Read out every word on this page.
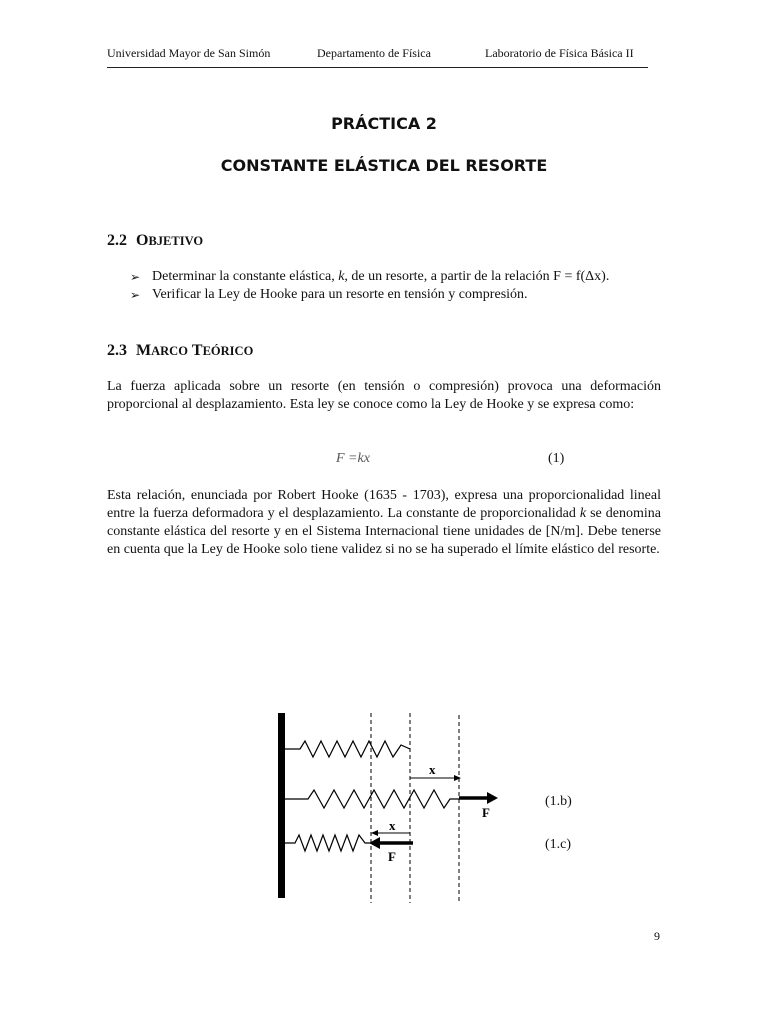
Universidad Mayor de San Simón	Departamento de Física	Laboratorio de Física Básica II
PRÁCTICA 2
CONSTANTE ELÁSTICA DEL RESORTE
2.2 OBJETIVO
➢ Determinar la constante elástica, k, de un resorte, a partir de la relación F = f(Δx).
➢ Verificar la Ley de Hooke para un resorte en tensión y compresión.
2.3 MARCO TEÓRICO

La fuerza aplicada sobre un resorte (en tensión o compresión) provoca una deformación proporcional al desplazamiento. Esta ley se conoce como la Ley de Hooke y se expresa como:

F =kx	(1)

Esta relación, enunciada por Robert Hooke (1635 - 1703), expresa una proporcionalidad lineal entre la fuerza deformadora y el desplazamiento. La constante de proporcionalidad k se denomina constante elástica del resorte y en el Sistema Internacional tiene unidades de [N/m]. Debe tenerse en cuenta que la Ley de Hooke solo tiene validez si no se ha superado el límite elástico del resorte.

x
F
x
F
(1.b)
(1.c)
9
